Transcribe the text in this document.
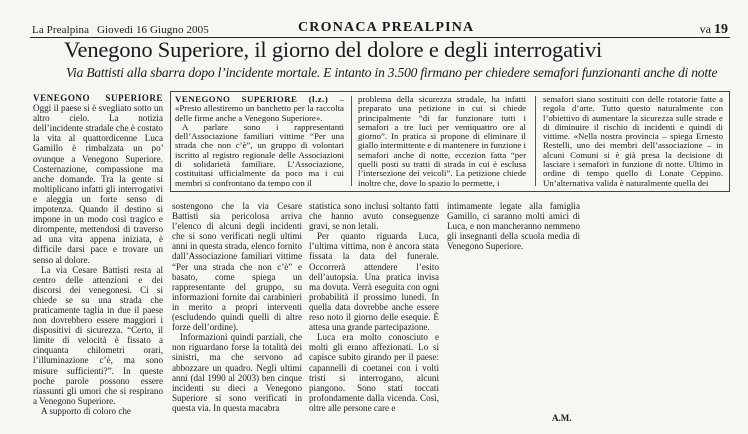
La Prealpina Giovedì 16 Giugno 2005	CRONACA PREALPINA	va 19
Venegono Superiore, il giorno del dolore e degli interrogativi
Via Battisti alla sbarra dopo l’incidente mortale. E intanto in 3.500 firmano per chiedere semafori funzionanti anche di notte

VENEGONO SUPERIORE Oggi il paese si è svegliato sotto un altro cielo. La notizia dell’incidente stradale che è costato la vita al quattordicenne Luca Gamillo è rimbalzata un po’ ovunque a Venegono Superiore. Costernazione, compassione ma anche domande. Tra la gente si moltiplicano infatti gli interrogativi e aleggia un forte senso di impotenza. Quando il destino si impone in un modo così tragico e dirompente, mettendosi di traverso ad una vita appena iniziata, è difficile darsi pace e trovare un senso al dolore.

La via Cesare Battisti resta al centro delle attenzioni e dei discorsi dei venegonesi. Ci si chiede se su una strada che praticamente taglia in due il paese non dovrebbero essere maggiori i dispositivi di sicurezza. “Certo, il limite di velocità è fissato a cinquanta chilometri orari, l’illuminazione c’è, ma sono misure sufficienti?”. In queste poche parole possono essere riassunti gli umori che si respirano a Venegono Superiore.

A supporto di coloro che

VENEGONO SUPERIORE (l.z.) – «Presto allestiremo un banchetto per la raccolta delle firme anche a Venegono Superiore».

A parlare sono i rappresentanti dell’Associazione familiari vittime “Per una strada che non c’è”, un gruppo di volontari iscritto al registro regionale delle Associazioni di solidarietà familiare. L’Associazione, costituitasi ufficialmente da poco ma i cui membri si confrontano da tempo con il

problema della sicurezza stradale, ha infatti preparato una petizione in cui si chiede principalmente “di far funzionare tutti i semafori a tre luci per ventiquattro ore al giorno”. In pratica si propone di eliminare il giallo intermittente e di mantenere in funzione i semafori anche di notte, eccezion fatta “per quelli posti su tratti di strada in cui è esclusa l’intersezione dei veicoli”. La petizione chiede inoltre che, dove lo spazio lo permette, i

semafori siano sostituiti con delle rotatorie fatte a regola d’arte. Tutto questo naturalmente con l’obiettivo di aumentare la sicurezza sulle strade e di diminuire il rischio di incidenti e quindi di vittime. «Nella nostra provincia – spiega Ernesto Restelli, uno dei membri dell’associazione – in alcuni Comuni si è già presa la decisione di lasciare i semafori in funzione di notte. Ultimo in ordine di tempo quello di Lonate Ceppino. Un’alternativa valida è naturalmente quella dei

sostengono che la via Cesare Battisti sia pericolosa arriva l’elenco di alcuni degli incidenti che si sono verificati negli ultimi anni in questa strada, elenco fornito dall’Associazione familiari vittime “Per una strada che non c’è” e basato, come spiega un rappresentante del gruppo, su informazioni fornite dai carabinieri in merito a propri interventi (escludendo quindi quelli di altre forze dell’ordine).

Informazioni quindi parziali, che non riguardano forse la totalità dei sinistri, ma che servono ad abbozzare un quadro. Negli ultimi anni (dal 1990 al 2003) ben cinque incidenti su dieci a Venegono Superiore si sono verificati in questa via. In questa macabra

statistica sono inclusi soltanto fatti che hanno avuto conseguenze gravi, se non letali.

Per quanto riguarda Luca, l’ultima vittima, non è ancora stata fissata la data del funerale. Occorrerà attendere l’esito dell’autopsia. Una pratica invisa ma dovuta. Verrà eseguita con ogni probabilità il prossimo lunedì. In quella data dovrebbe anche essere reso noto il giorno delle esequie. È attesa una grande partecipazione.

Luca era molto conosciuto e molti gli erano affezionati. Lo si capisce subito girando per il paese: capannelli di coetanei con i volti tristi si interrogano, alcuni piangono. Sono stati toccati profondamente dalla vicenda. Così, oltre alle persone care e

intimamente legate alla famiglia Gamillo, ci saranno molti amici di Luca, e non mancheranno nemmeno gli insegnanti della scuola media di Venegono Superiore.

A.M.
